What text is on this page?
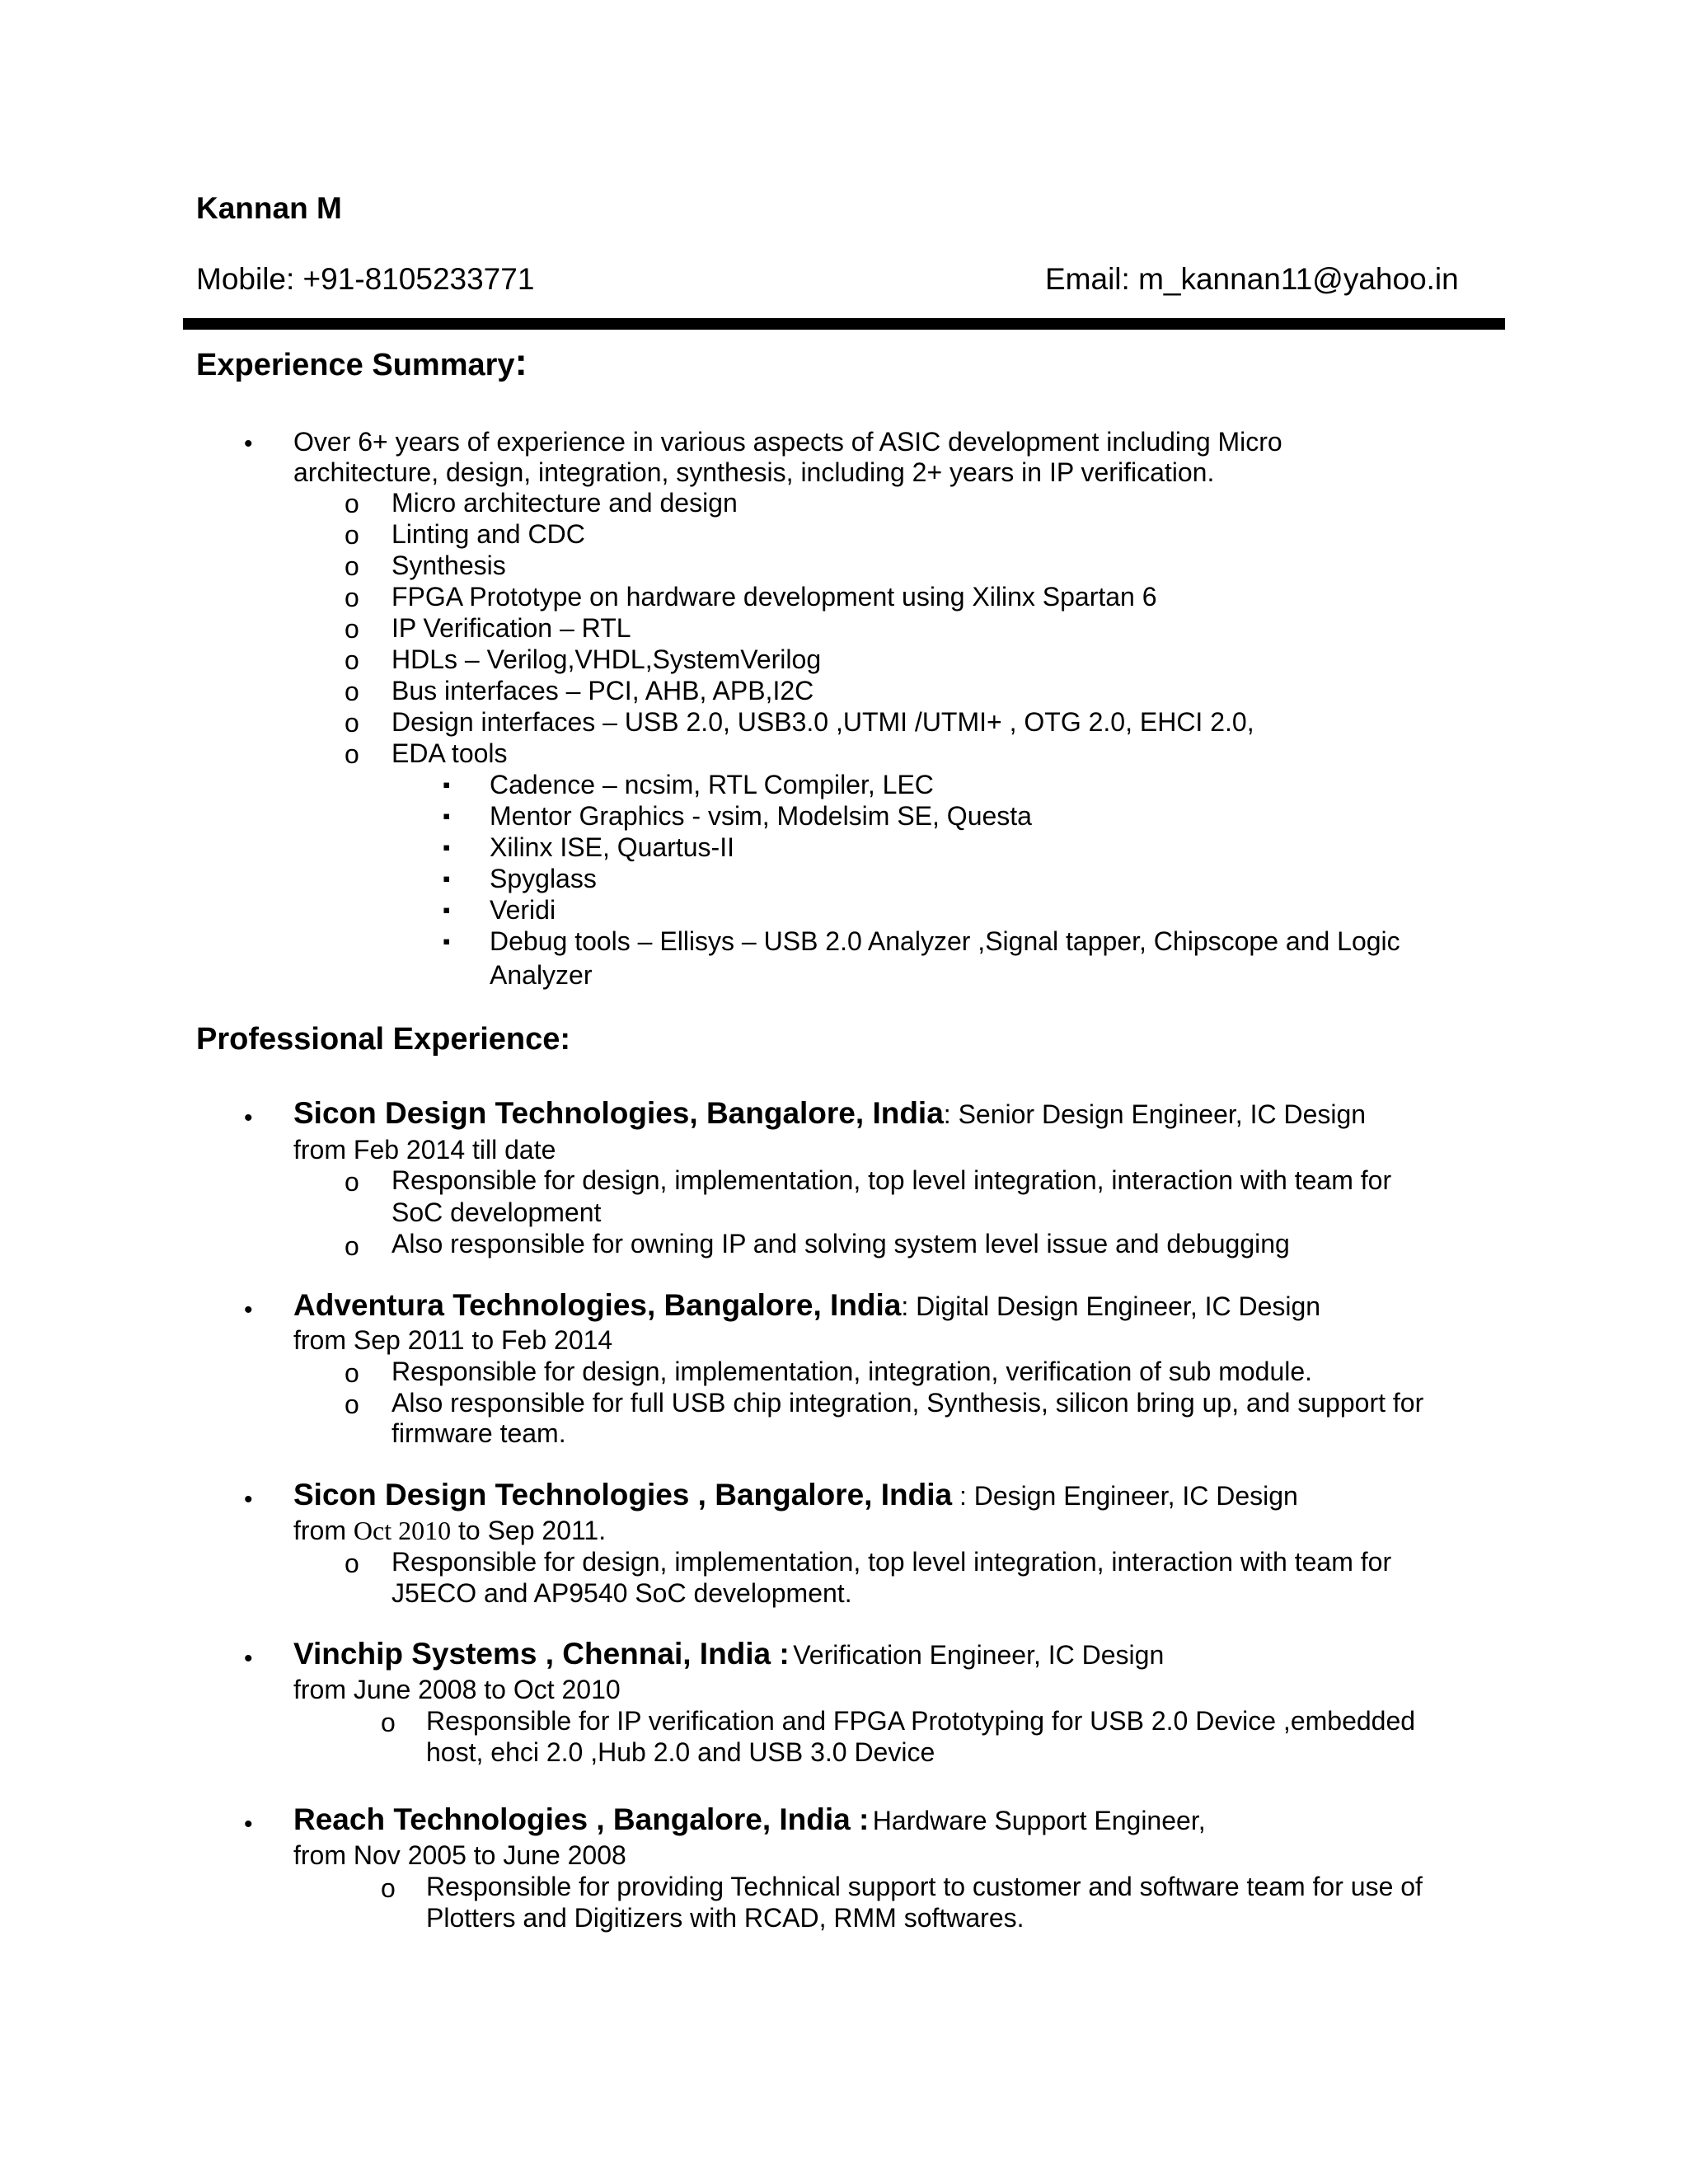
Kannan M
Mobile: +91-8105233771	Email: m_kannan11@yahoo.in
Experience Summary:
• Over 6+ years of experience in various aspects of ASIC development including Micro
architecture, design, integration, synthesis, including 2+ years in IP verification.
o Micro architecture and design
o Linting and CDC
o Synthesis
o FPGA Prototype on hardware development using Xilinx Spartan 6
o IP Verification – RTL
o HDLs – Verilog,VHDL,SystemVerilog
o Bus interfaces – PCI, AHB, APB,I2C
o Design interfaces – USB 2.0, USB3.0 ,UTMI /UTMI+ , OTG 2.0, EHCI 2.0,
o EDA tools
▪ Cadence – ncsim, RTL Compiler, LEC
▪ Mentor Graphics - vsim, Modelsim SE, Questa
▪ Xilinx ISE, Quartus-II
▪ Spyglass
▪ Veridi
▪ Debug tools – Ellisys – USB 2.0 Analyzer ,Signal tapper, Chipscope and Logic
Analyzer
Professional Experience:
• Sicon Design Technologies, Bangalore, India: Senior Design Engineer, IC Design
from Feb 2014 till date
o Responsible for design, implementation, top level integration, interaction with team for
SoC development
o Also responsible for owning IP and solving system level issue and debugging
• Adventura Technologies, Bangalore, India: Digital Design Engineer, IC Design
from Sep 2011 to Feb 2014
o Responsible for design, implementation, integration, verification of sub module.
o Also responsible for full USB chip integration, Synthesis, silicon bring up, and support for
firmware team.
• Sicon Design Technologies , Bangalore, India : Design Engineer, IC Design
from Oct 2010 to Sep 2011.
o Responsible for design, implementation, top level integration, interaction with team for
J5ECO and AP9540 SoC development.
• Vinchip Systems , Chennai, India : Verification Engineer, IC Design
from June 2008 to Oct 2010
o Responsible for IP verification and FPGA Prototyping for USB 2.0 Device ,embedded
host, ehci 2.0 ,Hub 2.0 and USB 3.0 Device
• Reach Technologies , Bangalore, India : Hardware Support Engineer,
from Nov 2005 to June 2008
o Responsible for providing Technical support to customer and software team for use of
Plotters and Digitizers with RCAD, RMM softwares.
